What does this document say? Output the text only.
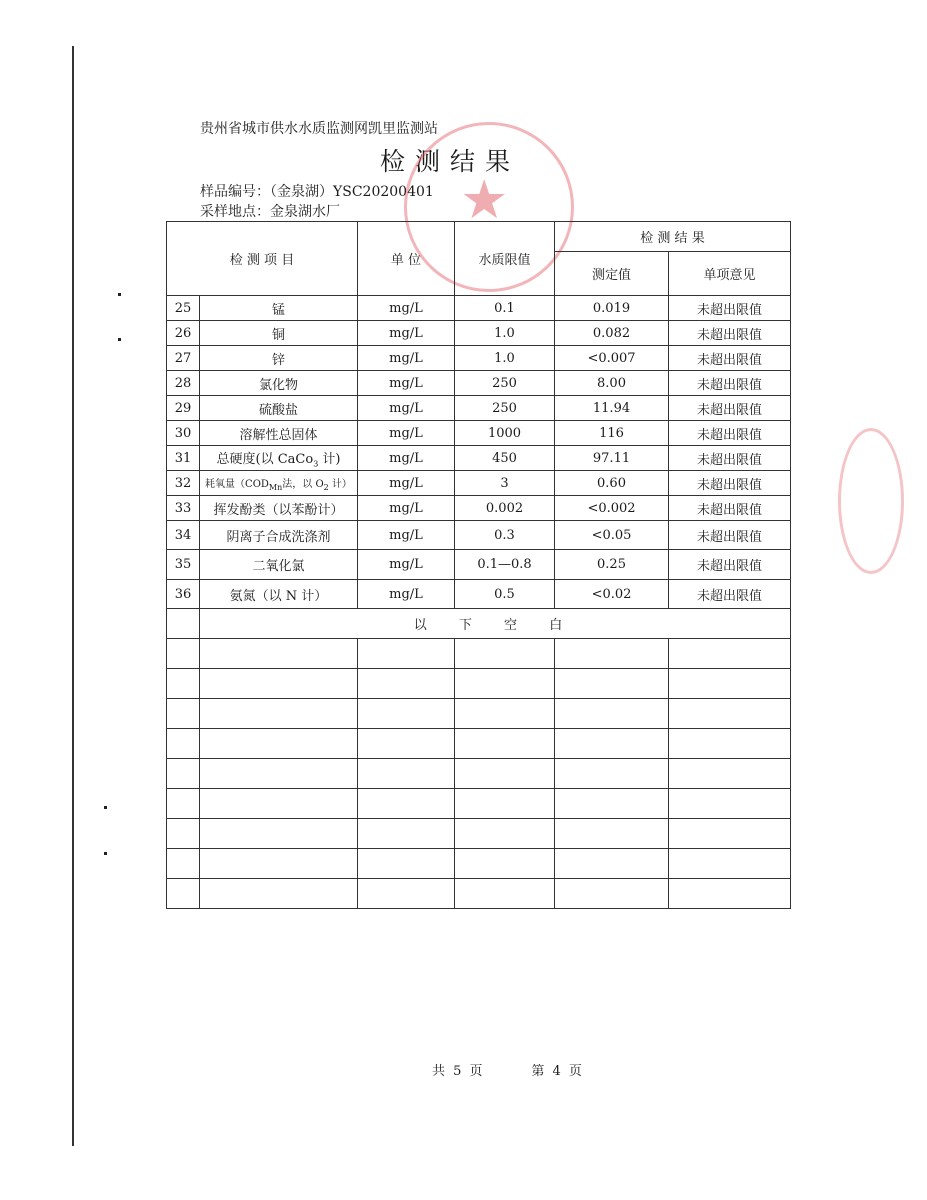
贵州省城市供水水质监测网凯里监测站
检测结果
样品编号：（金泉湖）YSC20200401
采样地点：金泉湖水厂 ★
检 测 项 目		单 位	水质限值	检 测 结 果	
				测定值	单项意见
25	锰	mg/L	0.1	0.019	未超出限值
26	铜	mg/L	1.0	0.082	未超出限值
27	锌	mg/L	1.0	<0.007	未超出限值
28	氯化物	mg/L	250	8.00	未超出限值
29	硫酸盐	mg/L	250	11.94	未超出限值
30	溶解性总固体	mg/L	1000	116	未超出限值
31	总硬度(以 CaCo$_3$ 计)	mg/L	450	97.11	未超出限值
32	耗氧量（$COD_{Mn}$法，以 $O_2$ 计）	mg/L	3	0.60	未超出限值
33	挥发酚类（以苯酚计）	mg/L	0.002	<0.002	未超出限值
34	阴离子合成洗涤剂	mg/L	0.3	<0.05	未超出限值
35	二氧化氯	mg/L	0.1—0.8	0.25	未超出限值
36	氨氮（以 N 计）	mg/L	0.5	<0.02	未超出限值
	以 下 空 白				

共 5 页	第 4 页
